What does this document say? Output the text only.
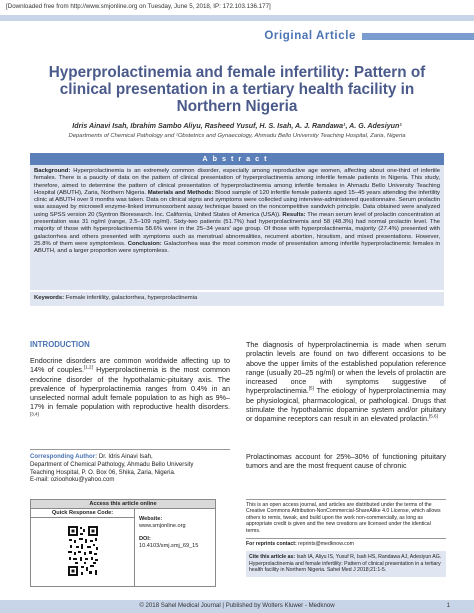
[Downloaded free from http://www.smjonline.org on Tuesday, June 5, 2018, IP: 172.103.136.177]
Original Article
Hyperprolactinemia and female infertility: Pattern of clinical presentation in a tertiary health facility in Northern Nigeria
Idris Ainavi Isah, Ibrahim Sambo Aliyu, Rasheed Yusuf, H. S. Isah, A. J. Randawa¹, A. G. Adesiyun¹
Departments of Chemical Pathology and ¹Obstetrics and Gynaecology, Ahmadu Bello University Teaching Hospital, Zaria, Nigeria
Abstract
Background: Hyperprolactinemia is an extremely common disorder, especially among reproductive age women, affecting about one-third of infertile females. There is a paucity of data on the pattern of clinical presentation of hyperprolactinemia among infertile female patients in Nigeria. This study, therefore, aimed to determine the pattern of clinical presentation of hyperprolactinemia among infertile females in Ahmadu Bello University Teaching Hospital (ABUTH), Zaria, Northern Nigeria. Materials and Methods: Blood sample of 120 infertile female patients aged 15–45 years attending the infertility clinic at ABUTH over 9 months was taken. Data on clinical signs and symptoms were collected using interview-administered questionnaire. Serum prolactin was assayed by microwell enzyme-linked immunosorbent assay technique based on the noncompetitive sandwich principle. Data obtained were analyzed using SPSS version 20 (Syntron Bioresearch. Inc. California, United States of America (USA)). Results: The mean serum level of prolactin concentration at presentation was 31 ng/ml (range, 2.5–109 ng/ml). Sixty-two patients (51.7%) had hyperprolactinemia and 58 (48.3%) had normal prolactin level. The majority of those with hyperprolactinemia 58.6% were in the 25–34 years' age group. Of those with hyperprolactinemia, majority (27.4%) presented with galactorrhea and others presented with symptoms such as menstrual abnormalities, recurrent abortion, hirsutism, and mixed presentations. However, 25.8% of them were symptomless. Conclusion: Galactorrhea was the most common mode of presentation among infertile hyperprolactinemic females in ABUTH, and a larger proportion were symptomless.
Keywords: Female infertility, galactorrhea, hyperprolactinemia
INTRODUCTION
Endocrine disorders are common worldwide affecting up to 14% of couples.[1,2] Hyperprolactinemia is the most common endocrine disorder of the hypothalamic-pituitary axis. The prevalence of hyperprolactinemia ranges from 0.4% in an unselected normal adult female population to as high as 9%–17% in female population with reproductive health disorders.[3,4]
Corresponding Author: Dr. Idris Ainavi Isah,
Department of Chemical Pathology, Ahmadu Bello University
Teaching Hospital, P. O. Box 06, Shika, Zaria, Nigeria.
E-mail: ozioohoku@yahoo.com
Access this article online
Quick Response Code:
Website:
www.smjonline.org
DOI:
10.4103/smj.smj_69_15
The diagnosis of hyperprolactinemia is made when serum prolactin levels are found on two different occasions to be above the upper limits of the established population reference range (usually 20–25 ng/ml) or when the levels of prolactin are increased once with symptoms suggestive of hyperprolactinemia.[5] The etiology of hyperprolactinemia may be physiological, pharmacological, or pathological. Drugs that stimulate the hypothalamic dopamine system and/or pituitary or dopamine receptors can result in an elevated prolactin.[5,6]
Prolactinomas account for 25%–30% of functioning pituitary tumors and are the most frequent cause of chronic
This is an open access journal, and articles are distributed under the terms of the Creative Commons Attribution-NonCommercial-ShareAlike 4.0 License, which allows others to remix, tweak, and build upon the work non-commercially, as long as appropriate credit is given and the new creations are licensed under the identical terms.
For reprints contact: reprints@medknow.com
Cite this article as: Isah IA, Aliyu IS, Yusuf R, Isah HS, Randawa AJ, Adesiyun AG. Hyperprolactinemia and female infertility: Pattern of clinical presentation in a tertiary health facility in Northern Nigeria. Sahel Med J 2018;21:1-5.
© 2018 Sahel Medical Journal | Published by Wolters Kluwer - Medknow	1
